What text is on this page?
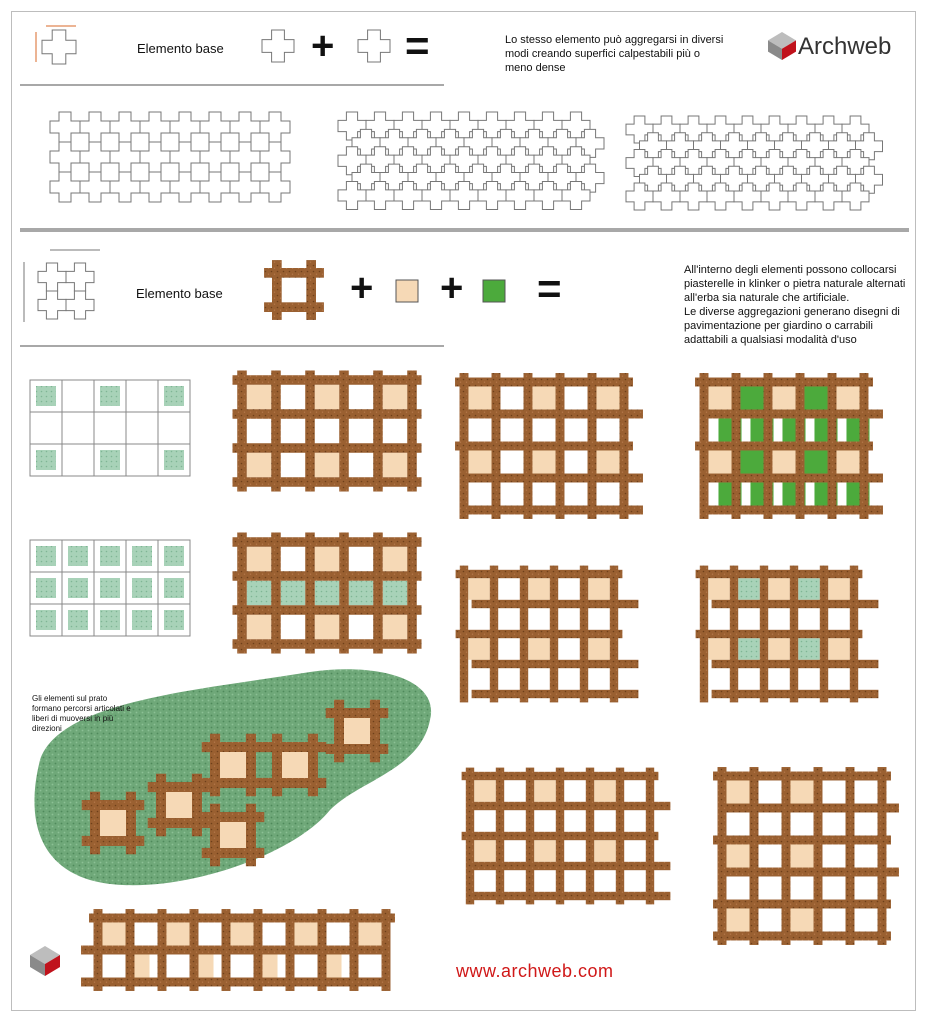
Elemento base
Lo stesso elemento può aggregarsi in diversi
modi creando superfici calpestabili più o
meno dense
Archweb
Elemento base
All'interno degli elementi possono collocarsi
piasterelle in klinker o pietra naturale alternati
all'erba sia naturale che artificiale.
Le diverse aggregazioni generano disegni di
pavimentazione per giardino o carrabili
adattabili a qualsiasi modalità d'uso
Gli elementi sul prato
formano percorsi articolati e
liberi di muoversi in più
direzioni
www.archweb.com
+ =
+ + =
